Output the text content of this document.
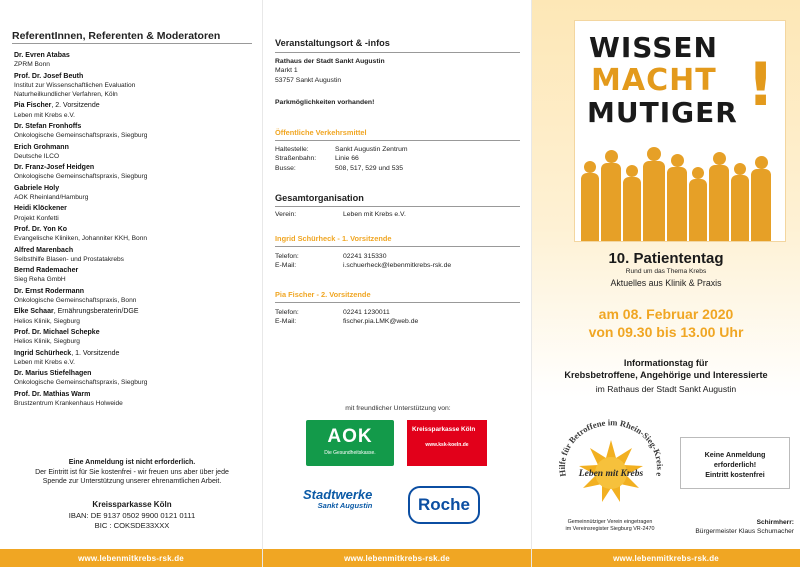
ReferentInnen, Referenten & Moderatoren
Dr. Evren Atabas
ZPRM Bonn
Prof. Dr. Josef Beuth
Institut zur Wissenschaftlichen Evaluation
Naturheilkundlicher Verfahren, Köln
Pia Fischer, 2. Vorsitzende
Leben mit Krebs e.V.
Dr. Stefan Fronhoffs
Onkologische Gemeinschaftspraxis, Siegburg
Erich Grohmann
Deutsche ILCO
Dr. Franz-Josef Heidgen
Onkologische Gemeinschaftspraxis, Siegburg
Gabriele Holy
AOK Rheinland/Hamburg
Heidi Klöckener
Projekt Konfetti
Prof. Dr. Yon Ko
Evangelische Kliniken, Johanniter KKH, Bonn
Alfred Marenbach
Selbsthilfe Blasen- und Prostatakrebs
Bernd Rademacher
Sieg Reha GmbH
Dr. Ernst Rodermann
Onkologische Gemeinschaftspraxis, Bonn
Elke Schaar, Ernährungsberaterin/DGE
Helios Klinik, Siegburg
Prof. Dr. Michael Schepke
Helios Klinik, Siegburg
Ingrid Schürheck, 1. Vorsitzende
Leben mit Krebs e.V.
Dr. Marius Stiefelhagen
Onkologische Gemeinschaftspraxis, Siegburg
Prof. Dr. Mathias Warm
Brustzentrum Krankenhaus Holweide
Eine Anmeldung ist nicht erforderlich.
Der Eintritt ist für Sie kostenfrei - wir freuen uns aber über jede
Spende zur Unterstützung unserer ehrenamtlichen Arbeit.
Kreissparkasse Köln
IBAN: DE 9137 0502 9900 0121 0111
BIC : COKSDE33XXX
www.lebenmitkrebs-rsk.de
Veranstaltungsort & -infos
Rathaus der Stadt Sankt Augustin
Markt 1
53757 Sankt Augustin
Parkmöglichkeiten vorhanden!
Öffentliche Verkehrsmittel
Haltestelle:	Sankt Augustin Zentrum
Straßenbahn:	Linie 66
Busse:	508, 517, 529 und 535
Gesamtorganisation
Verein:	Leben mit Krebs e.V.
Ingrid Schürheck - 1. Vorsitzende
Telefon:	02241 315330
E-Mail:	i.schuerheck@lebenmitkrebs-rsk.de
Pia Fischer - 2. Vorsitzende
Telefon:	02241 1230011
E-Mail:	fischer.pia.LMK@web.de
mit freundlicher Unterstützung von:
AOK
Die Gesundheitskasse.
Kreissparkasse Köln
www.ksk-koeln.de
Stadtwerke
Sankt Augustin	Roche
www.lebenmitkrebs-rsk.de
WISSEN
MACHT
MUTIGER !
10. Patiententag
Rund um das Thema Krebs
Aktuelles aus Klinik & Praxis
am 08. Februar 2020
von 09.30 bis 13.00 Uhr
Informationstag für
Krebsbetroffene, Angehörige und Interessierte
im Rathaus der Stadt Sankt Augustin
Hilfe für Betroffene im Rhein-Sieg-Kreis e
Leben mit Krebs
Gemeinnütziger Verein eingetragen
im Vereinsregister Siegburg VR-2470
Keine Anmeldung
erforderlich!
Eintritt kostenfrei
Schirmherr:
Bürgermeister Klaus Schumacher
www.lebenmitkrebs-rsk.de
